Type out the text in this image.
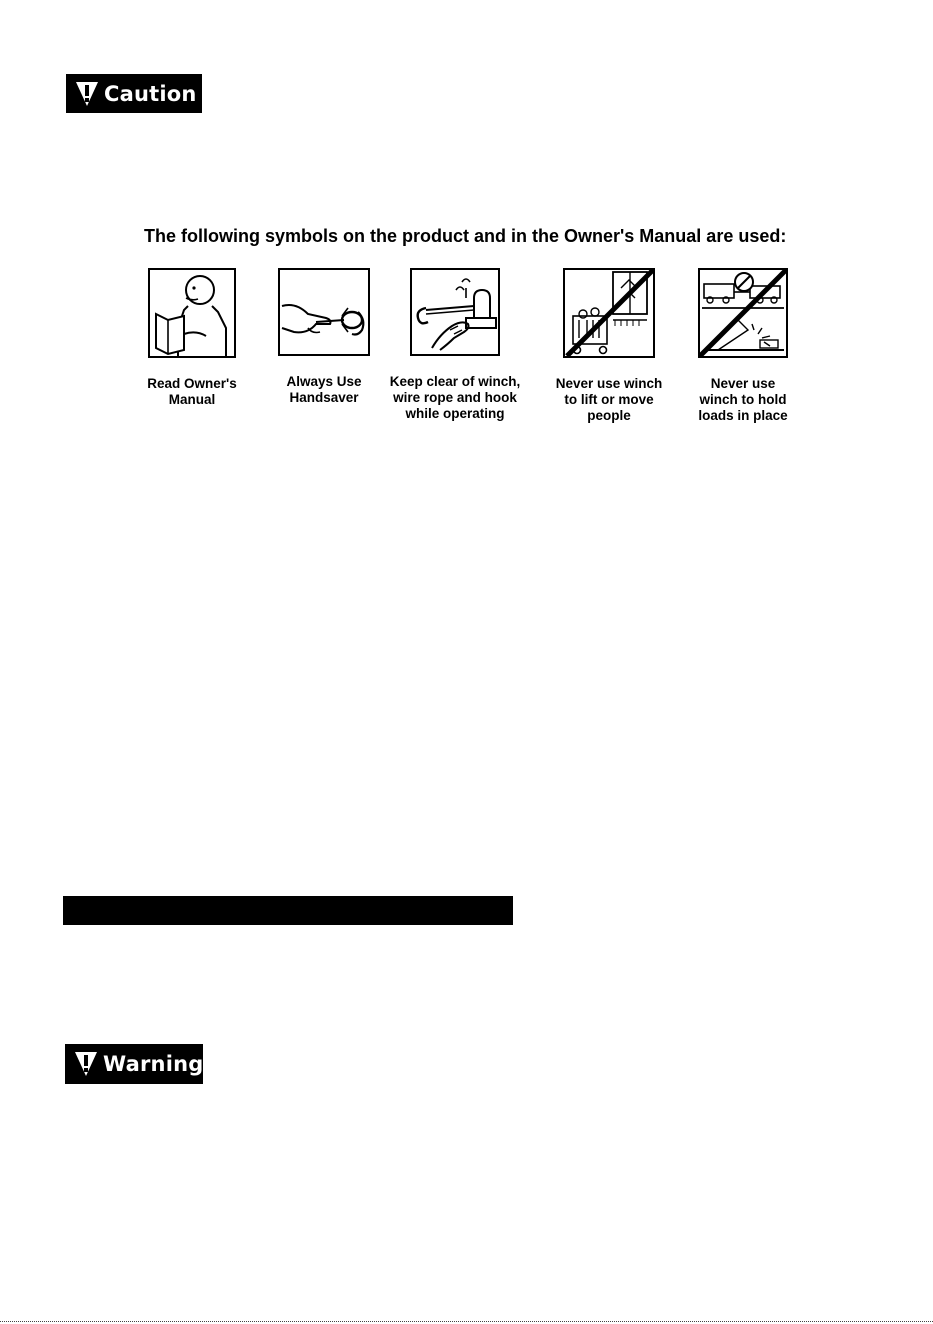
Caution
The following symbols on the product and in the Owner's Manual are used:
Read Owner's
Manual
Always Use
Handsaver
Keep clear of winch,
wire rope and hook
while operating
Never use winch
to lift or move
people
Never use
winch to hold
loads in place
Warning
